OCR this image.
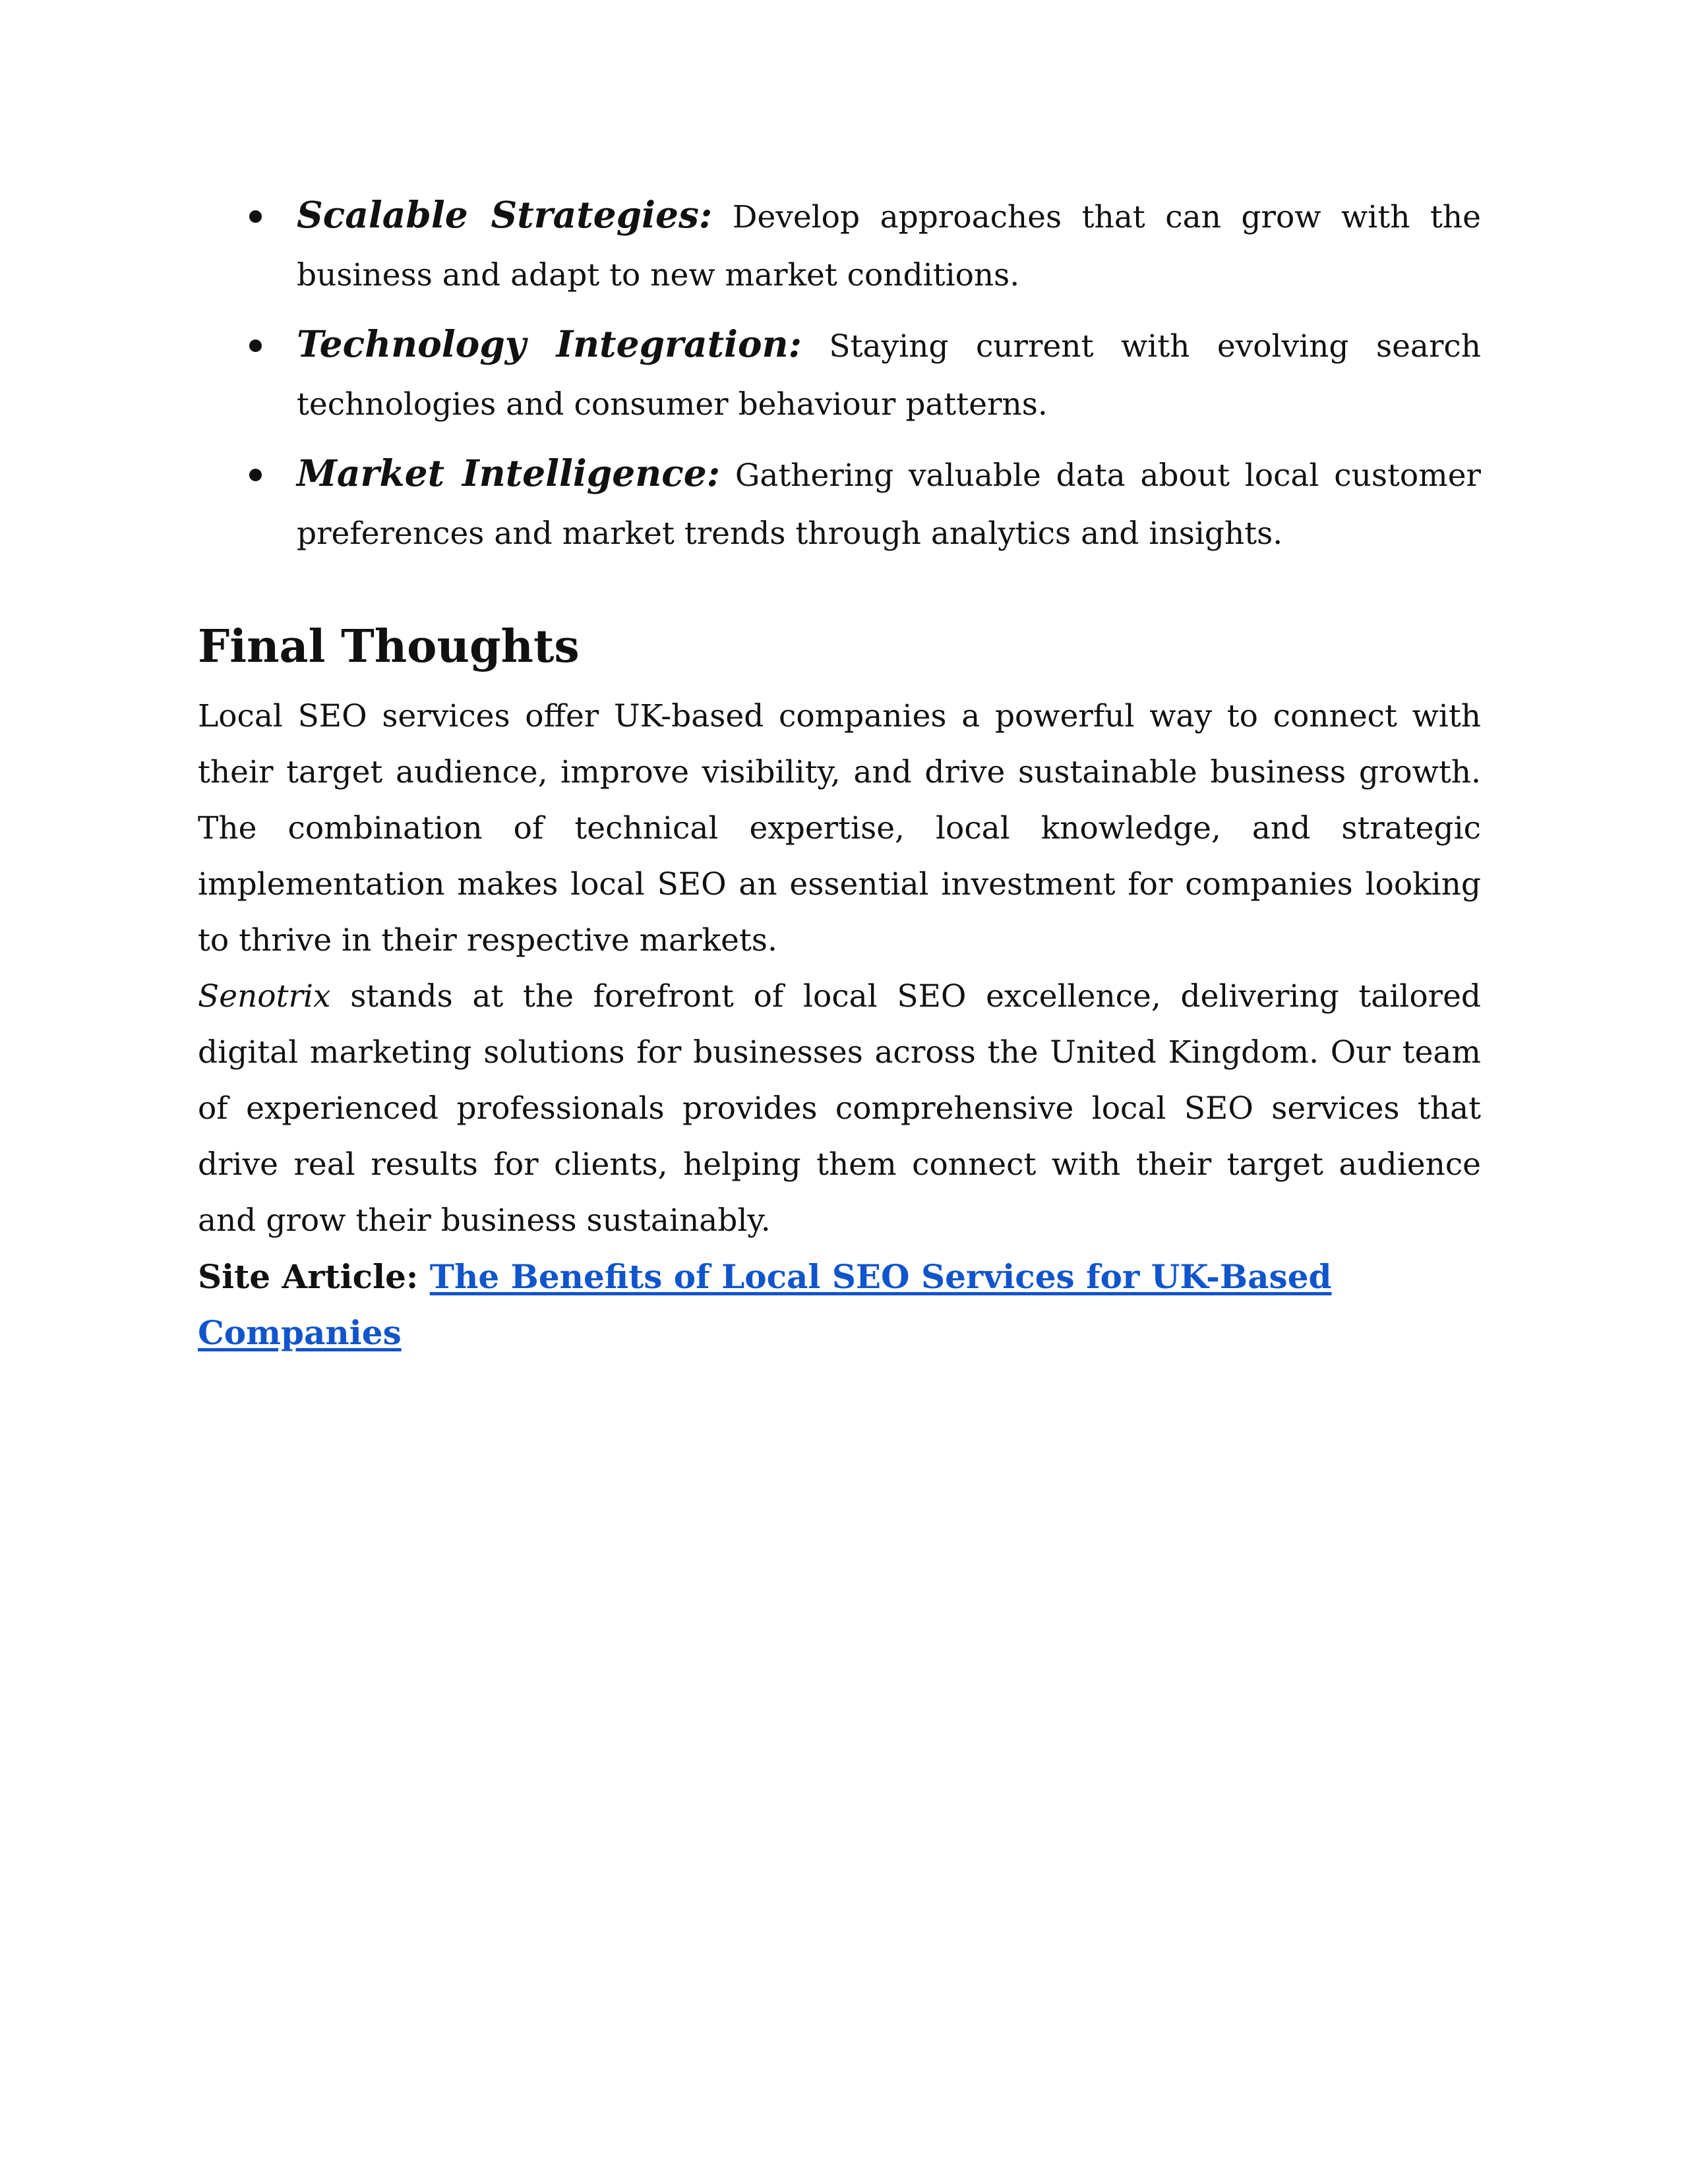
Scalable Strategies: Develop approaches that can grow with the business and adapt to new market conditions.
Technology Integration: Staying current with evolving search technologies and consumer behaviour patterns.
Market Intelligence: Gathering valuable data about local customer preferences and market trends through analytics and insights.
Final Thoughts

Local SEO services offer UK-based companies a powerful way to connect with their target audience, improve visibility, and drive sustainable business growth. The combination of technical expertise, local knowledge, and strategic implementation makes local SEO an essential investment for companies looking to thrive in their respective markets.

Senotrix stands at the forefront of local SEO excellence, delivering tailored digital marketing solutions for businesses across the United Kingdom. Our team of experienced professionals provides comprehensive local SEO services that drive real results for clients, helping them connect with their target audience and grow their business sustainably.

Site Article: The Benefits of Local SEO Services for UK-Based Companies
